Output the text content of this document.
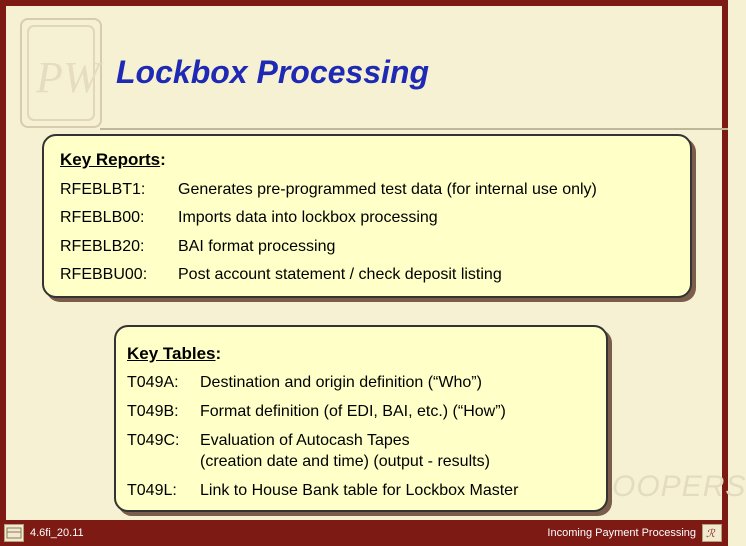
PW Lockbox Processing
OOPERS
Key Reports:
RFEBLBT1: Generates pre-programmed test data (for internal use only)
RFEBLB00: Imports data into lockbox processing
RFEBLB20: BAI format processing
RFEBBU00: Post account statement / check deposit listing
Key Tables:
T049A: Destination and origin definition (“Who”)
T049B: Format definition (of EDI, BAI, etc.) (“How”)
T049C: Evaluation of Autocash Tapes
(creation date and time) (output - results)
T049L: Link to House Bank table for Lockbox Master
4.6fi_20.11	Incoming Payment Processing ℛ
